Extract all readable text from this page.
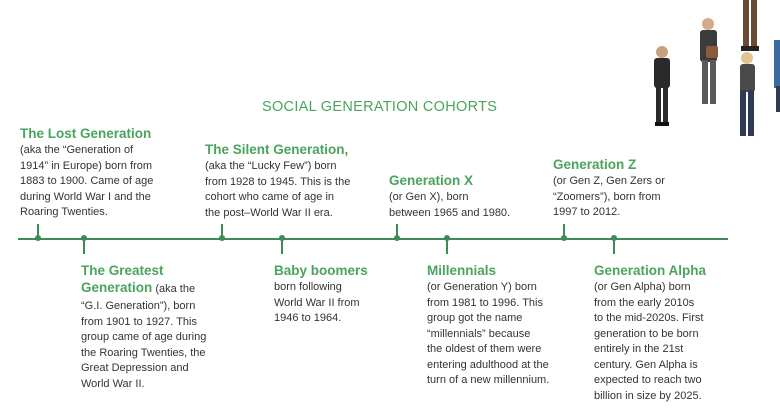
SOCIAL GENERATION COHORTS
The Lost Generation

(aka the “Generation of
1914” in Europe) born from
1883 to 1900. Came of age
during World War I and the
Roaring Twenties.

The Silent Generation,

(aka the “Lucky Few”) born
from 1928 to 1945. This is the
cohort who came of age in
the post–World War II era.

Generation X

(or Gen X), born
between 1965 and 1980.

Generation Z

(or Gen Z, Gen Zers or
“Zoomers”), born from
1997 to 2012.

The Greatest
Generation (aka the

“G.I. Generation”), born
from 1901 to 1927. This
group came of age during
the Roaring Twenties, the
Great Depression and
World War II.

Baby boomers

born following
World War II from
1946 to 1964.

Millennials

(or Generation Y) born
from 1981 to 1996. This
group got the name
“millennials” because
the oldest of them were
entering adulthood at the
turn of a new millennium.

Generation Alpha

(or Gen Alpha) born
from the early 2010s
to the mid-2020s. First
generation to be born
entirely in the 21st
century. Gen Alpha is
expected to reach two
billion in size by 2025.
